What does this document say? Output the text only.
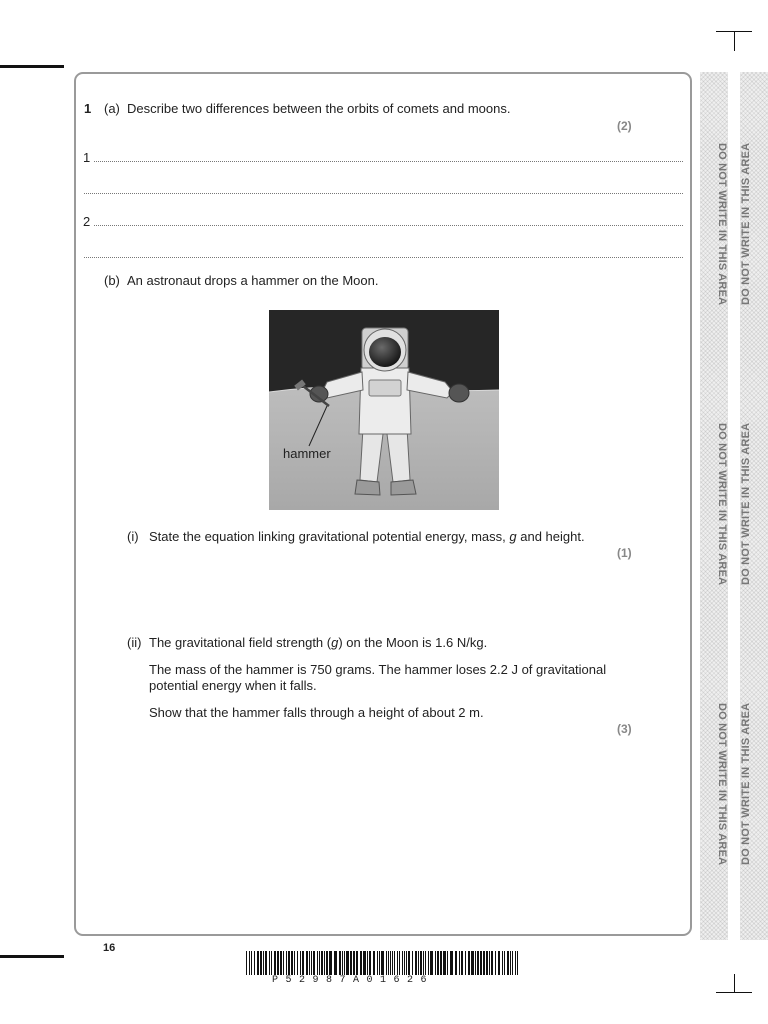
1 (a) Describe two differences between the orbits of comets and moons.
(2)
1
2
(b) An astronaut drops a hammer on the Moon.
hammer
(i) State the equation linking gravitational potential energy, mass, g and height.
(1)
(ii) The gravitational field strength (g) on the Moon is 1.6 N/kg.
The mass of the hammer is 750 grams. The hammer loses 2.2 J of gravitational
potential energy when it falls.
Show that the hammer falls through a height of about 2 m.
(3)
16
P52987A01626
DO NOT WRITE IN THIS AREA
DO NOT WRITE IN THIS AREA
DO NOT WRITE IN THIS AREA
DO NOT WRITE IN THIS AREA
DO NOT WRITE IN THIS AREA
DO NOT WRITE IN THIS AREA
